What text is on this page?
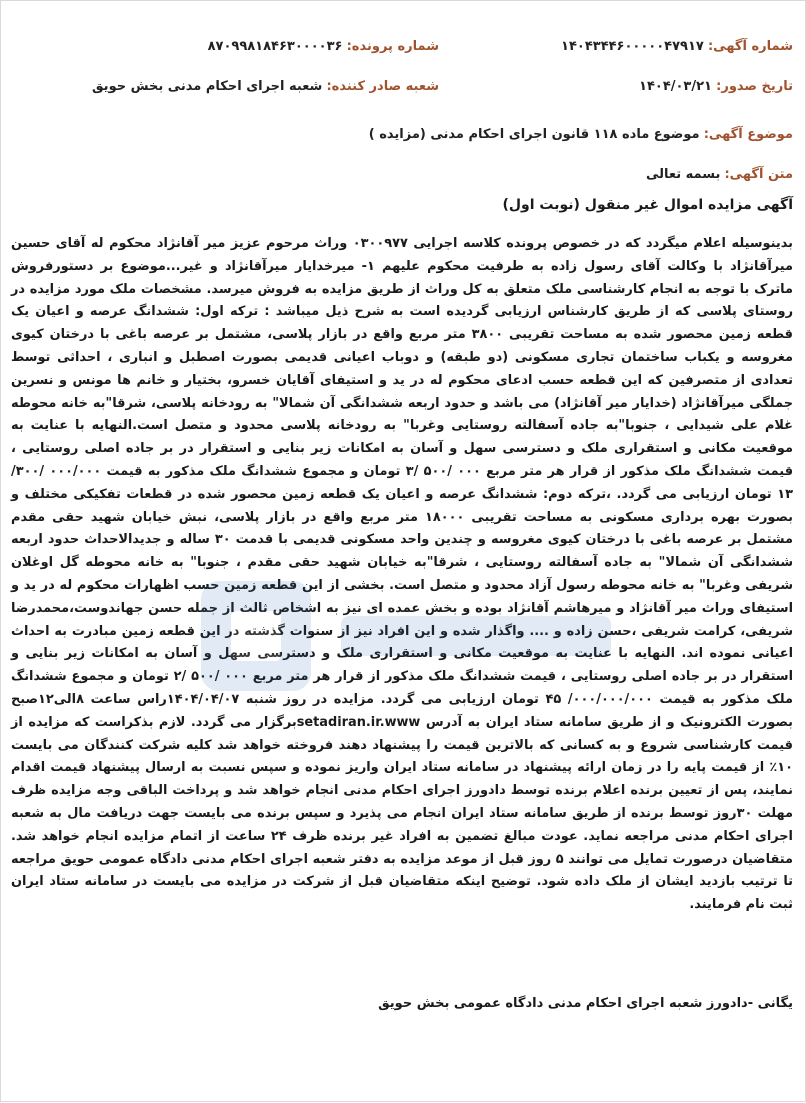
شماره آگهی: ۱۴۰۴۳۴۴۶۰۰۰۰۰۴۷۹۱۷
شماره پرونده: ۸۷۰۹۹۸۱۸۴۶۳۰۰۰۰۳۶
تاریخ صدور: ۱۴۰۴/۰۳/۲۱
شعبه صادر کننده: شعبه اجرای احکام مدنی بخش حویق
موضوع آگهی: موضوع ماده ۱۱۸ قانون اجرای احکام مدنی (مزایده )
متن آگهی: بسمه تعالی
آگهی مزایده اموال غیر منقول (نوبت اول)

بدینوسیله اعلام میگردد که در خصوص پرونده کلاسه اجرایی ۰۳۰۰۹۷۷ وراث مرحوم عزیز میر آقانژاد محکوم له آقای حسین میرآقانژاد با وکالت آقای رسول زاده به طرفیت محکوم علیهم ۱- میرخدایار میرآقانژاد و غیر...موضوع بر دستورفروش ماترک با توجه به انجام کارشناسی ملک متعلق به کل وراث از طریق مزایده به فروش میرسد. مشخصات ملک مورد مزایده در روستای پلاسی که از طریق کارشناس ارزیابی گردیده است به شرح ذیل میباشد : ترکه اول: ششدانگ عرصه و اعیان یک قطعه زمین محصور شده به مساحت تقریبی ۳۸۰۰ متر مربع واقع در بازار پلاسی، مشتمل بر عرصه باغی با درختان کیوی مغروسه و یکباب ساختمان تجاری مسکونی (دو طبقه) و دوباب اعیانی قدیمی بصورت اصطبل و انباری ، احداثی توسط تعدادی از متصرفین که این قطعه حسب ادعای محکوم له در ید و استیفای آقایان خسرو، بختیار و خانم ها مونس و نسرین جملگی میرآقانژاد (خدایار میر آقانژاد) می باشد و حدود اربعه ششدانگی آن شمالا" به رودخانه پلاسی، شرقا"به خانه محوطه غلام علی شیدایی ، جنوبا"به جاده آسفالته روستایی وغربا" به رودخانه پلاسی محدود و متصل است.النهایه با عنایت به موقعیت مکانی و استقراری ملک و دسترسی سهل و آسان به امکانات زیر بنایی و استقرار در بر جاده اصلی روستایی ، قیمت ششدانگ ملک مذکور از قرار هر متر مربع ۰۰۰ /۵۰۰ /۳ تومان و مجموع ششدانگ ملک مذکور به قیمت ۰۰۰/۰۰۰ /۳۰۰/ ۱۳ تومان ارزیابی می گردد. ،ترکه دوم: ششدانگ عرصه و اعیان یک قطعه زمین محصور شده در قطعات تفکیکی مختلف و بصورت بهره برداری مسکونی به مساحت تقریبی ۱۸۰۰۰ متر مربع واقع در بازار پلاسی، نبش خیابان شهید حقی مقدم مشتمل بر عرصه باغی با درختان کیوی مغروسه و چندین واحد مسکونی قدیمی با قدمت ۳۰ ساله و جدیدالاحداث حدود اربعه ششدانگی آن شمالا" به جاده آسفالته روستایی ، شرقا"به خیابان شهید حقی مقدم ، جنوبا" به خانه محوطه گل اوغلان شریفی وغربا" به خانه محوطه رسول آزاد محدود و متصل است. بخشی از این قطعه زمین حسب اظهارات محکوم له در ید و استیفای وراث میر آقانژاد و میرهاشم آقانژاد بوده و بخش عمده ای نیز به اشخاص ثالث از جمله حسن جهاندوست،محمدرضا شریفی، کرامت شریفی ،حسن زاده و .... واگذار شده و این افراد نیز از سنوات گذشته در این قطعه زمین مبادرت به احداث اعیانی نموده اند. النهایه با عنایت به موقعیت مکانی و استقراری ملک و دسترسی سهل و آسان به امکانات زیر بنایی و استقرار در بر جاده اصلی روستایی ، قیمت ششدانگ ملک مذکور از قرار هر متر مربع ۰۰۰ /۵۰۰ /۲ تومان و مجموع ششدانگ ملک مذکور به قیمت ۰۰۰/۰۰۰/۰۰۰/ ۴۵ تومان ارزیابی می گردد. مزایده در روز شنبه ۱۴۰۴/۰۴/۰۷راس ساعت ۸الی۱۲صبح بصورت الکترونیک و از طریق سامانه ستاد ایران به آدرس setadiran.ir.wwwبرگزار می گردد. لازم بذکراست که مزایده از قیمت کارشناسی شروع و به کسانی که بالاترین قیمت را پیشنهاد دهند فروخته خواهد شد کلیه شرکت کنندگان می بایست ۱۰٪ از قیمت پایه را در زمان ارائه پیشنهاد در سامانه ستاد ایران واریز نموده و سپس نسبت به ارسال پیشنهاد قیمت اقدام نمایند، پس از تعیین برنده اعلام برنده توسط دادورز اجرای احکام مدنی انجام خواهد شد و پرداخت الباقی وجه مزایده ظرف مهلت ۳۰روز توسط برنده از طریق سامانه ستاد ایران انجام می پذیرد و سپس برنده می بایست جهت دریافت مال به شعبه اجرای احکام مدنی مراجعه نماید. عودت مبالغ تضمین به افراد غیر برنده ظرف ۲۴ ساعت از اتمام مزایده انجام خواهد شد. متقاضیان درصورت تمایل می توانند ۵ روز قبل از موعد مزایده به دفتر شعبه اجرای احکام مدنی دادگاه عمومی حویق مراجعه تا ترتیب بازدید ایشان از ملک داده شود. توضیح اینکه متقاضیان قبل از شرکت در مزایده می بایست در سامانه ستاد ایران ثبت نام فرمایند.

یگانی -دادورز شعبه اجرای احکام مدنی دادگاه عمومی بخش حویق
